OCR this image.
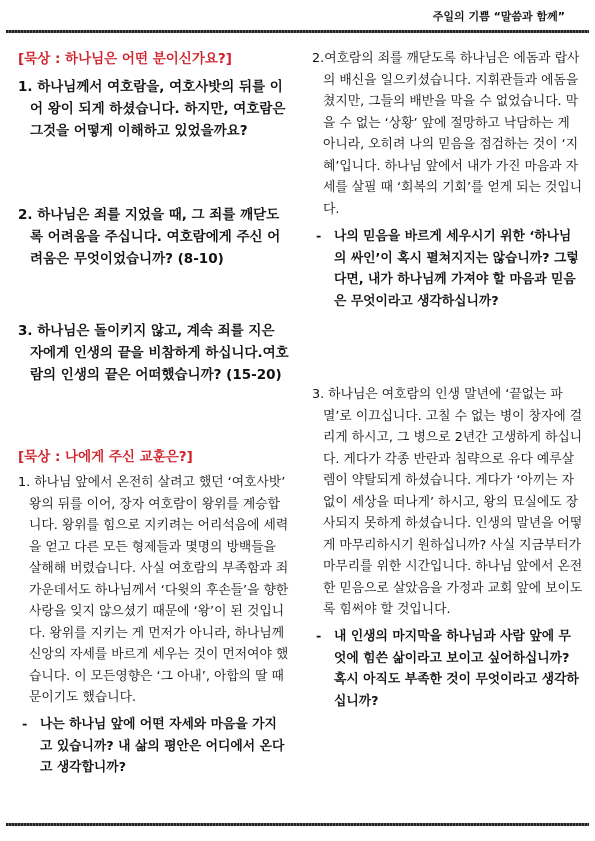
주일의 기쁨 “말씀과 함께”

[묵상 : 하나님은 어떤 분이신가요?]

1. 하나님께서 여호람을, 여호사밧의 뒤를 이어 왕이 되게 하셨습니다. 하지만, 여호람은 그것을 어떻게 이해하고 있었을까요?

2. 하나님은 죄를 지었을 때, 그 죄를 깨닫도록 어려움을 주십니다. 여호람에게 주신 어려움은 무엇이었습니까? (8-10)

3. 하나님은 돌이키지 않고, 계속 죄를 지은 자에게 인생의 끝을 비참하게 하십니다.여호람의 인생의 끝은 어떠했습니까? (15-20)

[묵상 : 나에게 주신 교훈은?]

1. 하나님 앞에서 온전히 살려고 했던 ‘여호사밧’ 왕의 뒤를 이어, 장자 여호람이 왕위를 계승합니다. 왕위를 힘으로 지키려는 어리석음에 세력을 얻고 다른 모든 형제들과 몇명의 방백들을 살해해 버렸습니다. 사실 여호람의 부족함과 죄 가운데서도 하나님께서 ‘다윗의 후손들’을 향한 사랑을 잊지 않으셨기 때문에 ‘왕’이 된 것입니다. 왕위를 지키는 게 먼저가 아니라, 하나님께 신앙의 자세를 바르게 세우는 것이 먼저여야 했습니다. 이 모든영향은 ‘그 아내’, 아합의 딸 때문이기도 했습니다.

- 나는 하나님 앞에 어떤 자세와 마음을 가지고 있습니까? 내 삶의 평안은 어디에서 온다고 생각합니까?

2.여호람의 죄를 깨닫도록 하나님은 에돔과 랍사의 배신을 일으키셨습니다. 지휘관들과 에돔을 쳤지만, 그들의 배반을 막을 수 없었습니다. 막을 수 없는 ‘상황’ 앞에 절망하고 낙담하는 게 아니라, 오히려 나의 믿음을 점검하는 것이 ‘지혜’입니다. 하나님 앞에서 내가 가진 마음과 자세를 살필 때 ‘회복의 기회’를 얻게 되는 것입니다.

- 나의 믿음을 바르게 세우시기 위한 ‘하나님의 싸인’이 혹시 펼쳐지지는 않습니까? 그렇다면, 내가 하나님께 가져야 할 마음과 믿음은 무엇이라고 생각하십니까?

3. 하나님은 여호람의 인생 말년에 ‘끝없는 파멸’로 이끄십니다. 고칠 수 없는 병이 창자에 걸리게 하시고, 그 병으로 2년간 고생하게 하십니다. 게다가 각종 반란과 침략으로 유다 예루살렘이 약탈되게 하셨습니다. 게다가 ‘아끼는 자 없이 세상을 떠나게’ 하시고, 왕의 묘실에도 장사되지 못하게 하셨습니다. 인생의 말년을 어떻게 마무리하시기 원하십니까? 사실 지금부터가 마무리를 위한 시간입니다. 하나님 앞에서 온전한 믿음으로 살았음을 가정과 교회 앞에 보이도록 힘써야 할 것입니다.

- 내 인생의 마지막을 하나님과 사람 앞에 무엇에 힘쓴 삶이라고 보이고 싶어하십니까? 혹시 아직도 부족한 것이 무엇이라고 생각하십니까?
